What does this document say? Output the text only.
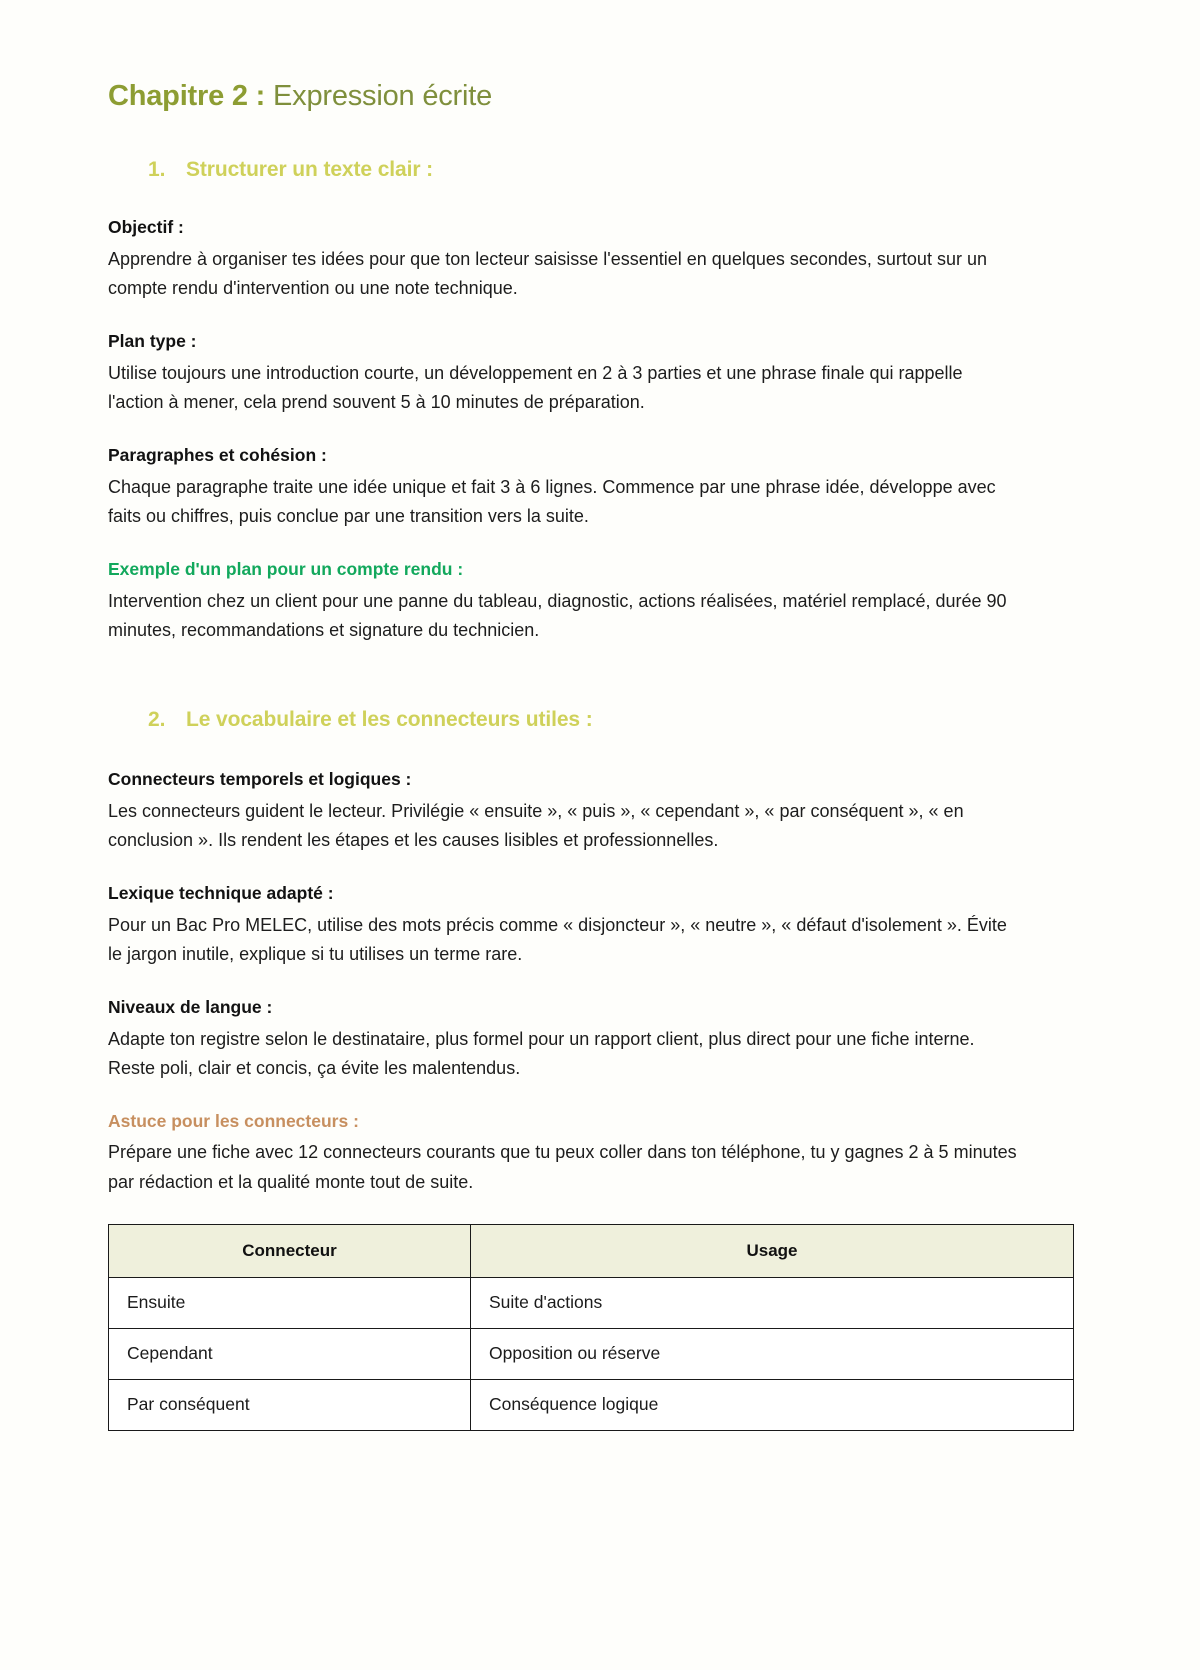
Chapitre 2 : Expression écrite
1. Structurer un texte clair :
Objectif :

Apprendre à organiser tes idées pour que ton lecteur saisisse l'essentiel en quelques secondes, surtout sur un compte rendu d'intervention ou une note technique.

Plan type :

Utilise toujours une introduction courte, un développement en 2 à 3 parties et une phrase finale qui rappelle l'action à mener, cela prend souvent 5 à 10 minutes de préparation.

Paragraphes et cohésion :

Chaque paragraphe traite une idée unique et fait 3 à 6 lignes. Commence par une phrase idée, développe avec faits ou chiffres, puis conclue par une transition vers la suite.

Exemple d'un plan pour un compte rendu :

Intervention chez un client pour une panne du tableau, diagnostic, actions réalisées, matériel remplacé, durée 90 minutes, recommandations et signature du technicien.

2. Le vocabulaire et les connecteurs utiles :
Connecteurs temporels et logiques :

Les connecteurs guident le lecteur. Privilégie « ensuite », « puis », « cependant », « par conséquent », « en conclusion ». Ils rendent les étapes et les causes lisibles et professionnelles.

Lexique technique adapté :

Pour un Bac Pro MELEC, utilise des mots précis comme « disjoncteur », « neutre », « défaut d'isolement ». Évite le jargon inutile, explique si tu utilises un terme rare.

Niveaux de langue :

Adapte ton registre selon le destinataire, plus formel pour un rapport client, plus direct pour une fiche interne. Reste poli, clair et concis, ça évite les malentendus.

Astuce pour les connecteurs :

Prépare une fiche avec 12 connecteurs courants que tu peux coller dans ton téléphone, tu y gagnes 2 à 5 minutes par rédaction et la qualité monte tout de suite.

Connecteur	Usage
Ensuite	Suite d'actions
Cependant	Opposition ou réserve
Par conséquent	Conséquence logique
